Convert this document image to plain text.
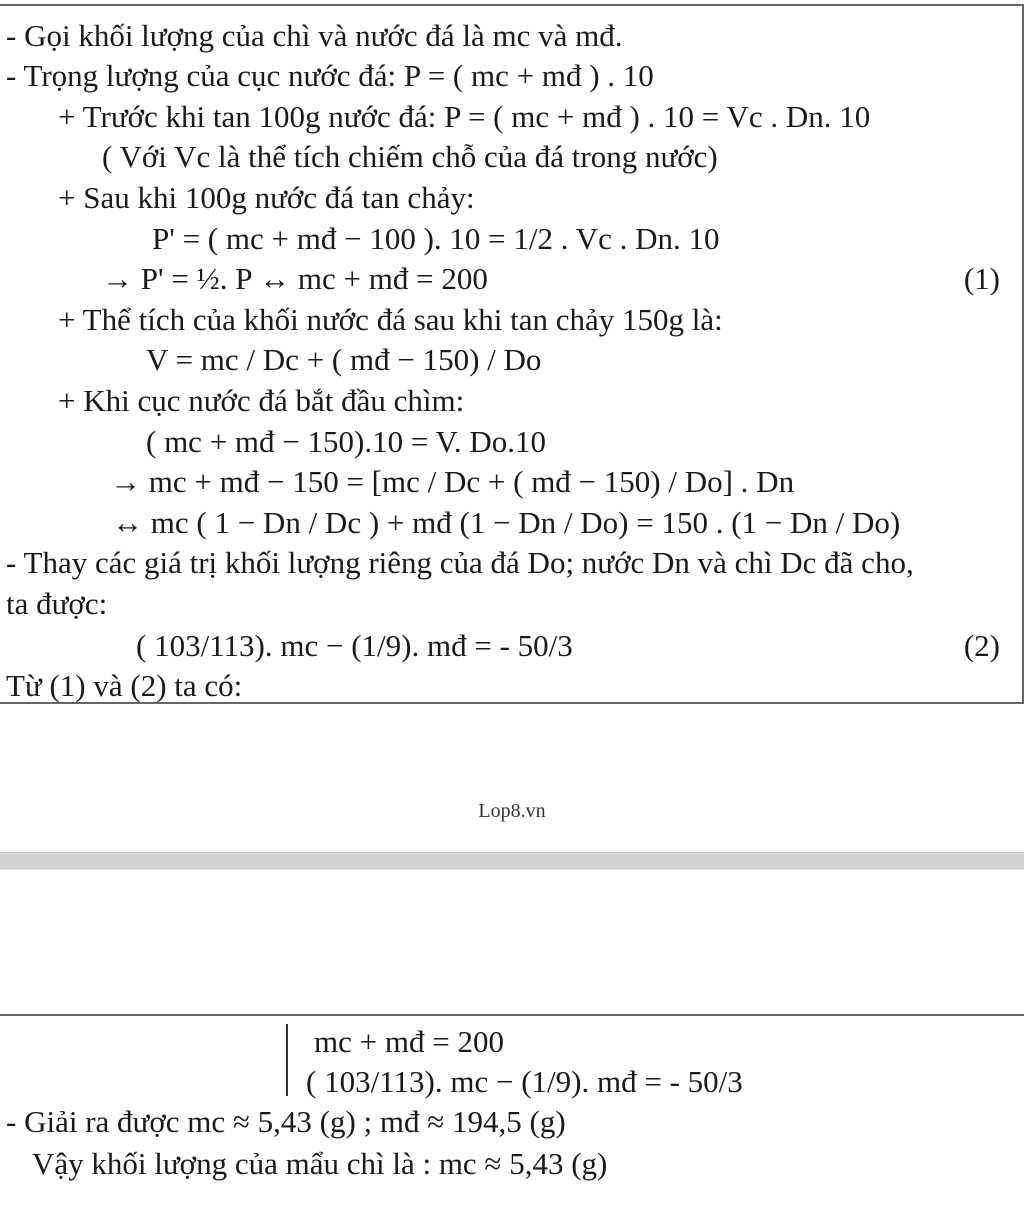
- Gọi khối lượng của chì và nước đá là mc và mđ.
- Trọng lượng của cục nước đá: P = ( mc + mđ ) . 10
+ Trước khi tan 100g nước đá: P = ( mc + mđ ) . 10 = Vc . Dn. 10
( Với Vc là thể tích chiếm chỗ của đá trong nước)
+ Sau khi 100g nước đá tan chảy:
P' = ( mc + mđ − 100 ). 10 = 1/2 . Vc . Dn. 10
→ P' = ½. P ↔ mc + mđ = 200	(1)
+ Thể tích của khối nước đá sau khi tan chảy 150g là:
V = mc / Dc + ( mđ − 150) / Do
+ Khi cục nước đá bắt đầu chìm:
( mc + mđ − 150).10 = V. Do.10
→ mc + mđ − 150 = [mc / Dc + ( mđ − 150) / Do] . Dn
↔ mc ( 1 − Dn / Dc ) + mđ (1 − Dn / Do) = 150 . (1 − Dn / Do)
- Thay các giá trị khối lượng riêng của đá Do; nước Dn và chì Dc đã cho,
ta được:
( 103/113). mc − (1/9). mđ = - 50/3	(2)
Từ (1) và (2) ta có:
Lop8.vn
mc + mđ = 200
( 103/113). mc − (1/9). mđ = - 50/3
- Giải ra được mc ≈ 5,43 (g) ; mđ ≈ 194,5 (g)
Vậy khối lượng của mẩu chì là : mc ≈ 5,43 (g)
